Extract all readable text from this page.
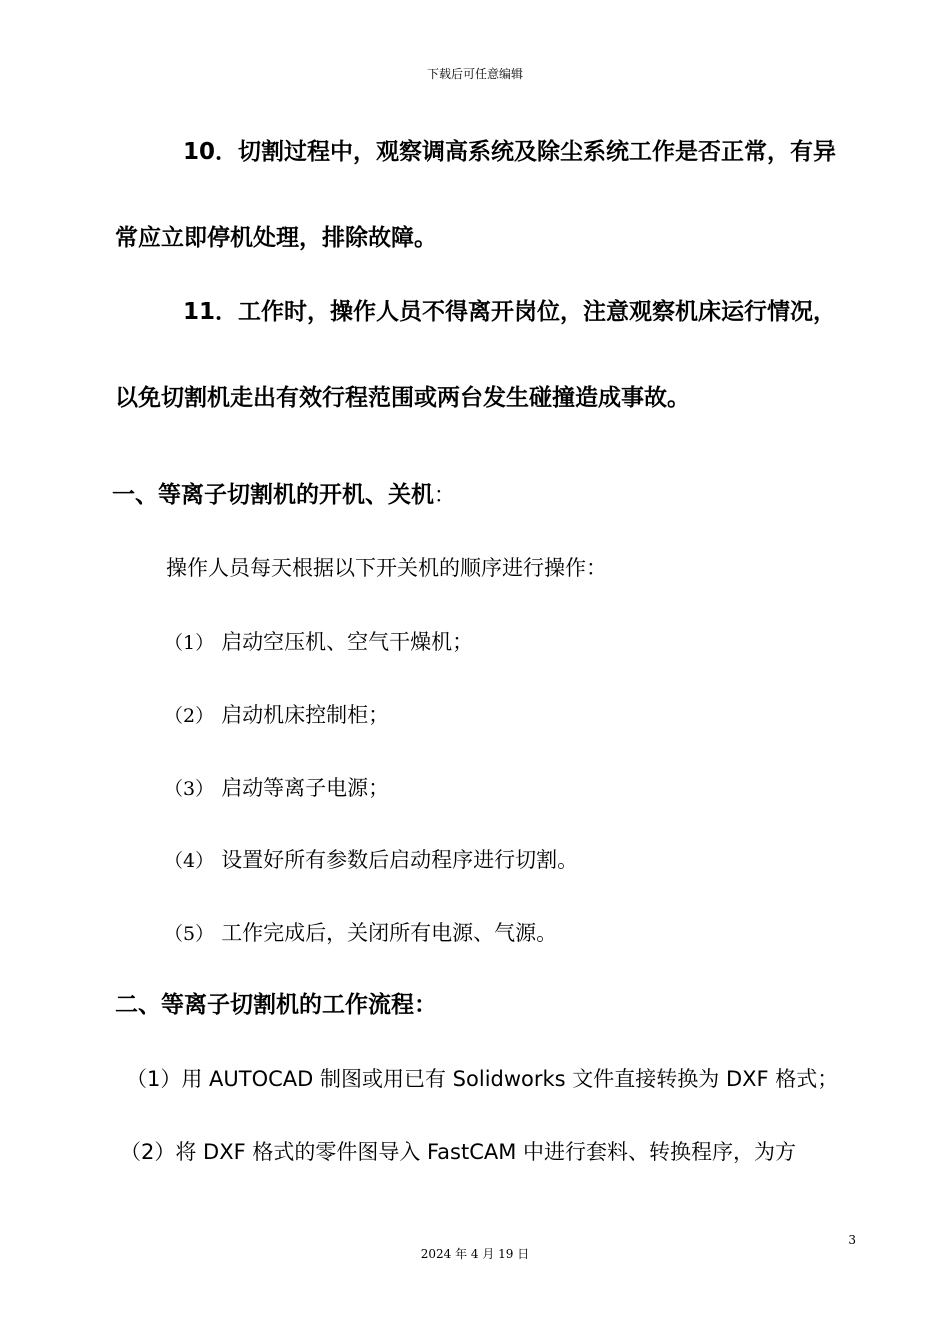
下载后可任意编辑
10．切割过程中，观察调高系统及除尘系统工作是否正常，有异
常应立即停机处理，排除故障。
11．工作时，操作人员不得离开岗位，注意观察机床运行情况，
以免切割机走出有效行程范围或两台发生碰撞造成事故。
一、等离子切割机的开机、关机：
操作人员每天根据以下开关机的顺序进行操作：
（1） 启动空压机、空气干燥机；
（2） 启动机床控制柜；
（3） 启动等离子电源；
（4） 设置好所有参数后启动程序进行切割。
（5） 工作完成后，关闭所有电源、气源。
二、等离子切割机的工作流程：
（1）用 AUTOCAD 制图或用已有 Solidworks 文件直接转换为 DXF 格式；
（2）将 DXF 格式的零件图导入 FastCAM 中进行套料、转换程序，为方
3
2024 年 4 月 19 日
